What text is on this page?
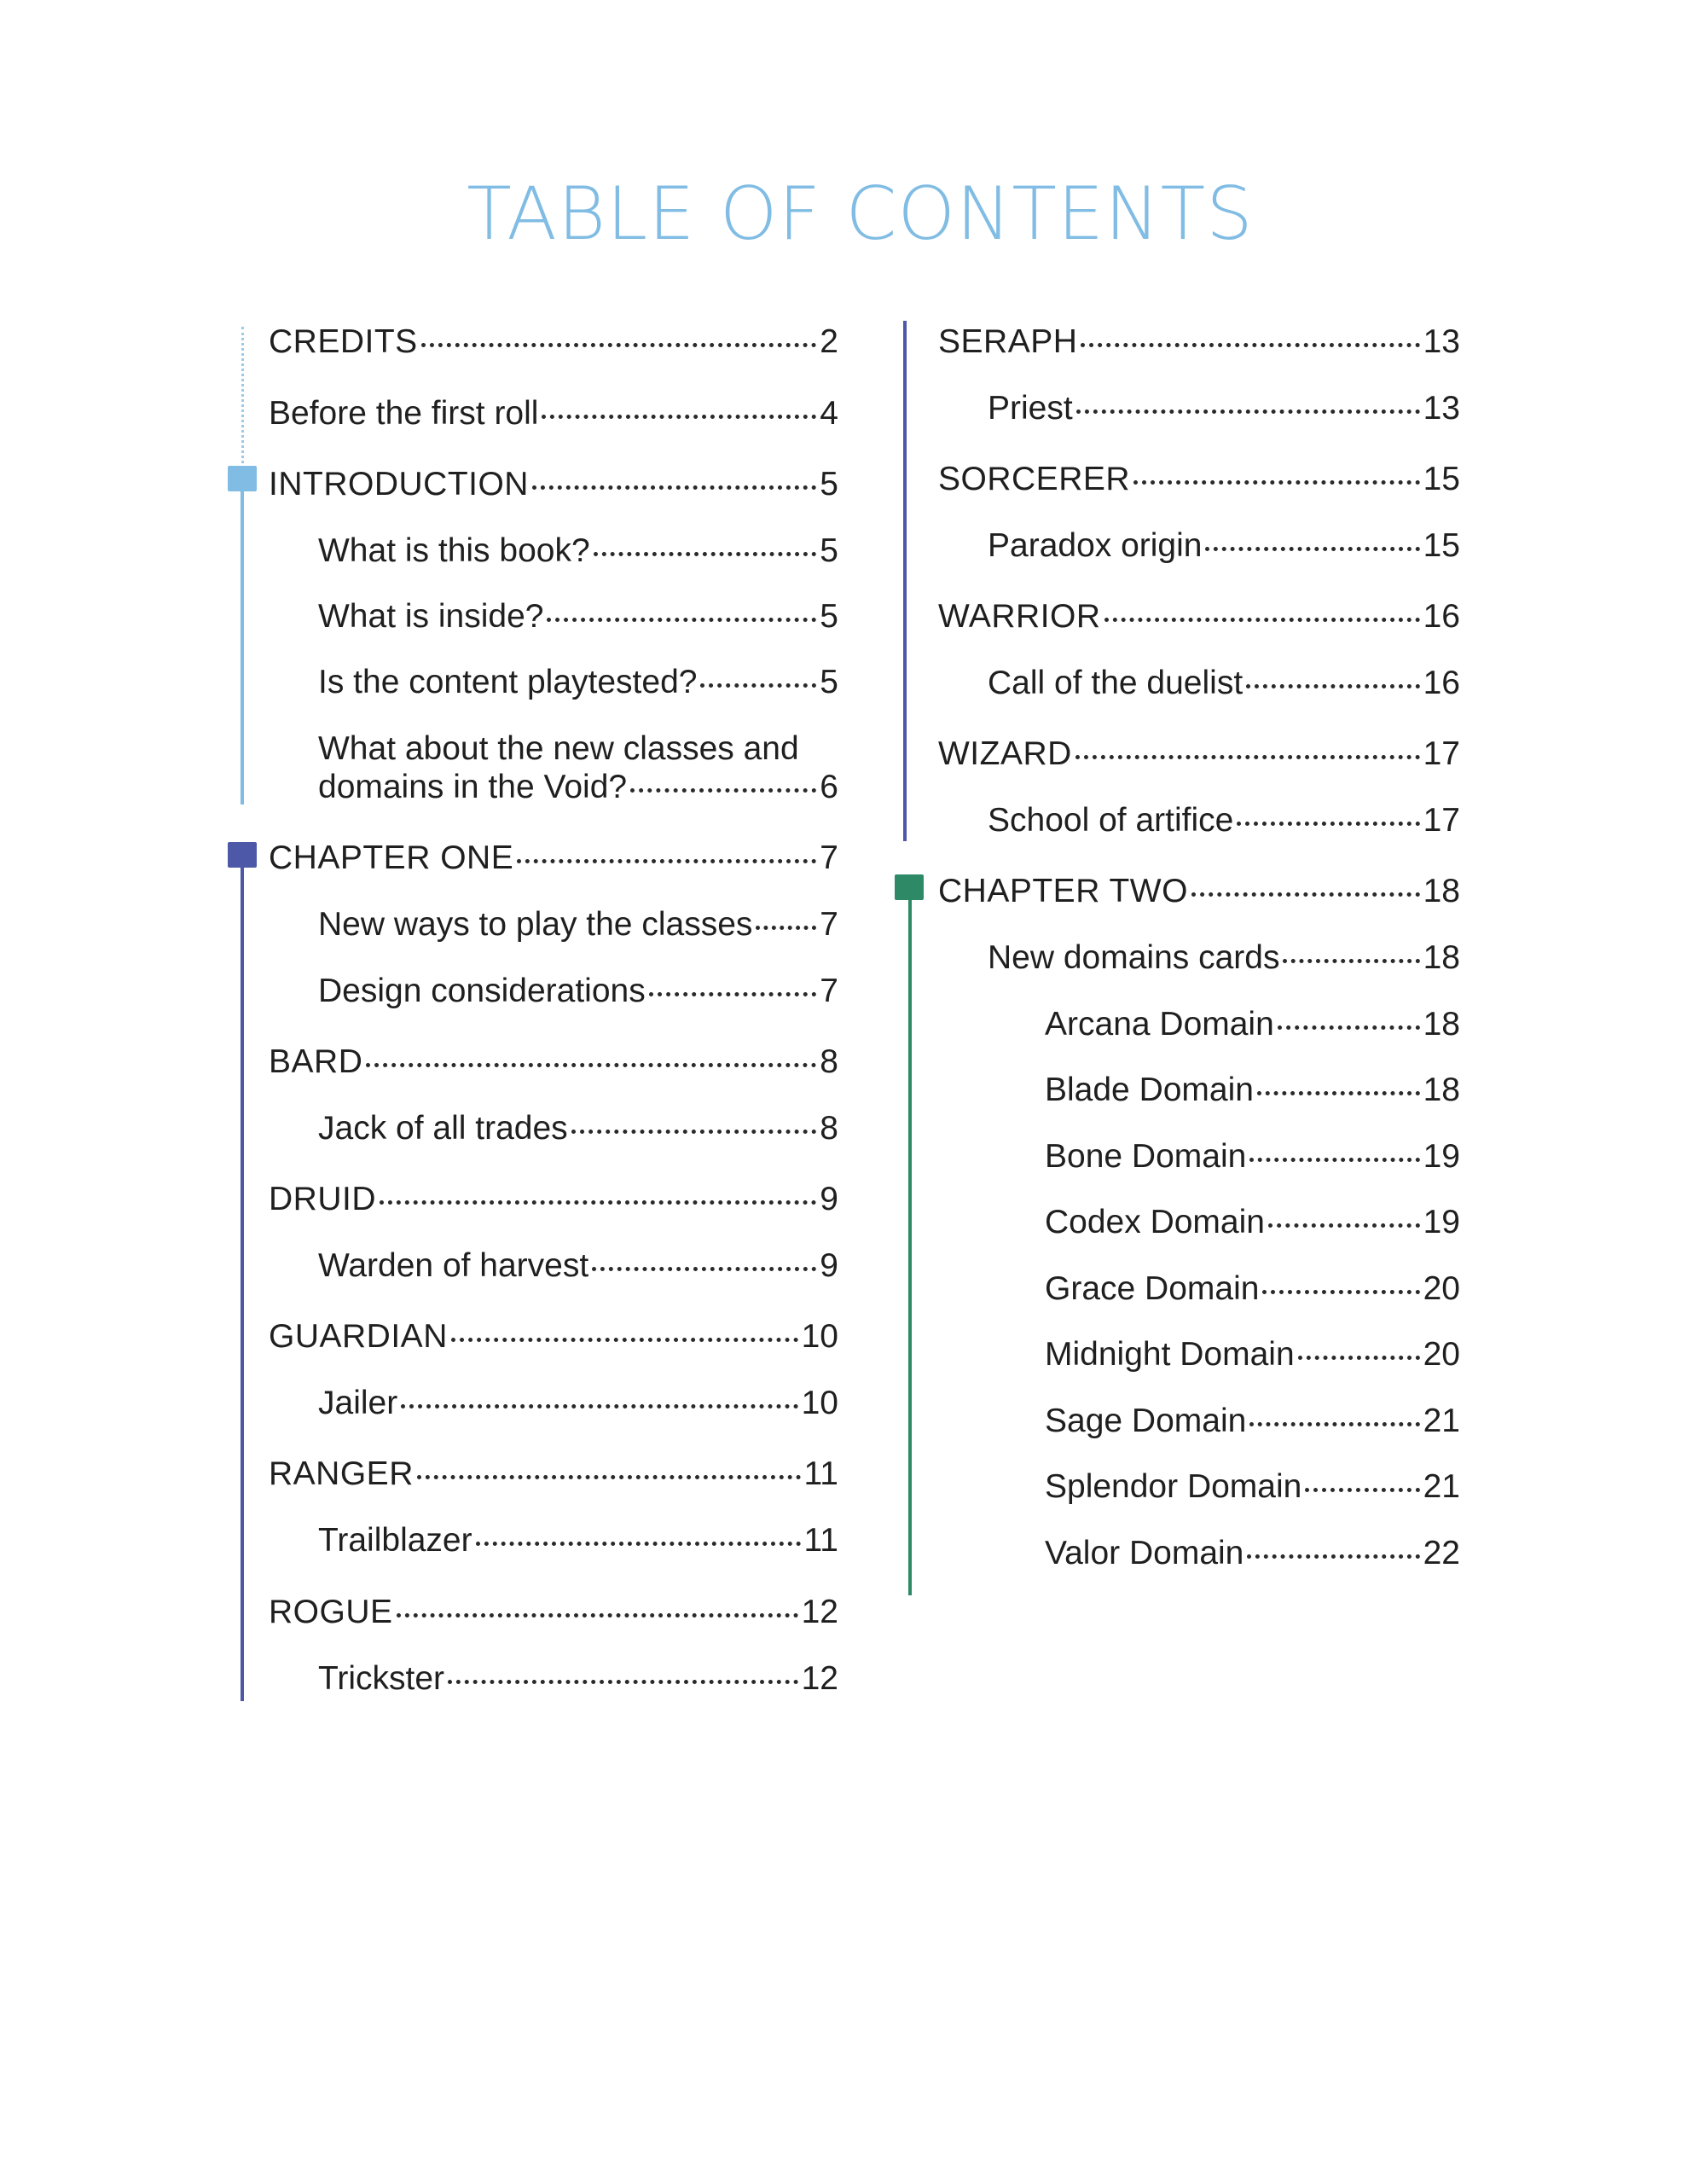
TABLE OF CONTENTS
CREDITS	2
Before the first roll	4
INTRODUCTION	5
What is this book?	5
What is inside?	5
Is the content playtested?	5
What about the new classes and
domains in the Void?	6
CHAPTER ONE	7
New ways to play the classes 7
Design considerations	7
BARD	8
Jack of all trades	8
DRUID	9
Warden of harvest	9
GUARDIAN	10
Jailer	10
RANGER	11
Trailblazer	11
ROGUE	12
Trickster	12
SERAPH	13
Priest	13
SORCERER	15
Paradox origin	15
WARRIOR	16
Call of the duelist	16
WIZARD	17
School of artifice	17
CHAPTER TWO	18
New domains cards	18
Arcana Domain	18
Blade Domain	18
Bone Domain	19
Codex Domain	19
Grace Domain	20
Midnight Domain	20
Sage Domain	21
Splendor Domain	21
Valor Domain	22
